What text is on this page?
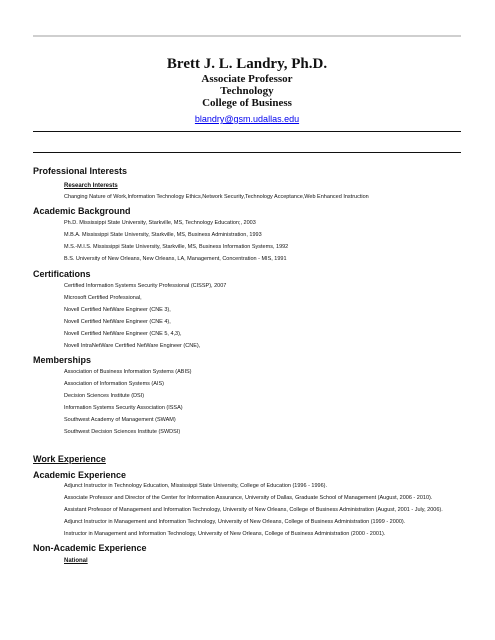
Brett J. L. Landry, Ph.D.
Associate Professor
Technology
College of Business
blandry@gsm.udallas.edu

Professional Interests

Research Interests

Changing Nature of Work,Information Technology Ethics,Network Security,Technology Acceptance,Web Enhanced Instruction

Academic Background

Ph.D. Mississippi State University, Starkville, MS, Technology Education;, 2003

M.B.A. Mississippi State University, Starkville, MS, Business Administration, 1993

M.S.-M.I.S. Mississippi State University, Starkville, MS, Business Information Systems, 1992

B.S. University of New Orleans, New Orleans, LA, Management, Concentration - MIS, 1991

Certifications

Certified Information Systems Security Professional (CISSP), 2007

Microsoft Certified Professional,

Novell Certified NetWare Engineer (CNE 3),

Novell Certified NetWare Engineer (CNE 4),

Novell Certified NetWare Engineer (CNE 5, 4,3),

Novell IntraNetWare Certified NetWare Engineer (CNE),

Memberships

Association of Business Information Systems (ABIS)

Association of Information Systems (AIS)

Decision Sciences Institute (DSI)

Information Systems Security Association (ISSA)

Southwest Academy of Management (SWAM)

Southwest Decision Sciences Institute (SWDSI)

Work Experience

Academic Experience

Adjunct Instructor in Technology Education, Mississippi State University, College of Education (1996 - 1996).

Associate Professor and Director of the Center for Information Assurance, University of Dallas, Graduate School of Management (August, 2006 - 2010).

Assistant Professor of Management and Information Technology, University of New Orleans, College of Business Administration (August, 2001 - July, 2006).

Adjunct Instructor in Management and Information Technology, University of New Orleans, College of Business Administration (1999 - 2000).

Instructor in Management and Information Technology, University of New Orleans, College of Business Administration (2000 - 2001).

Non-Academic Experience

National
